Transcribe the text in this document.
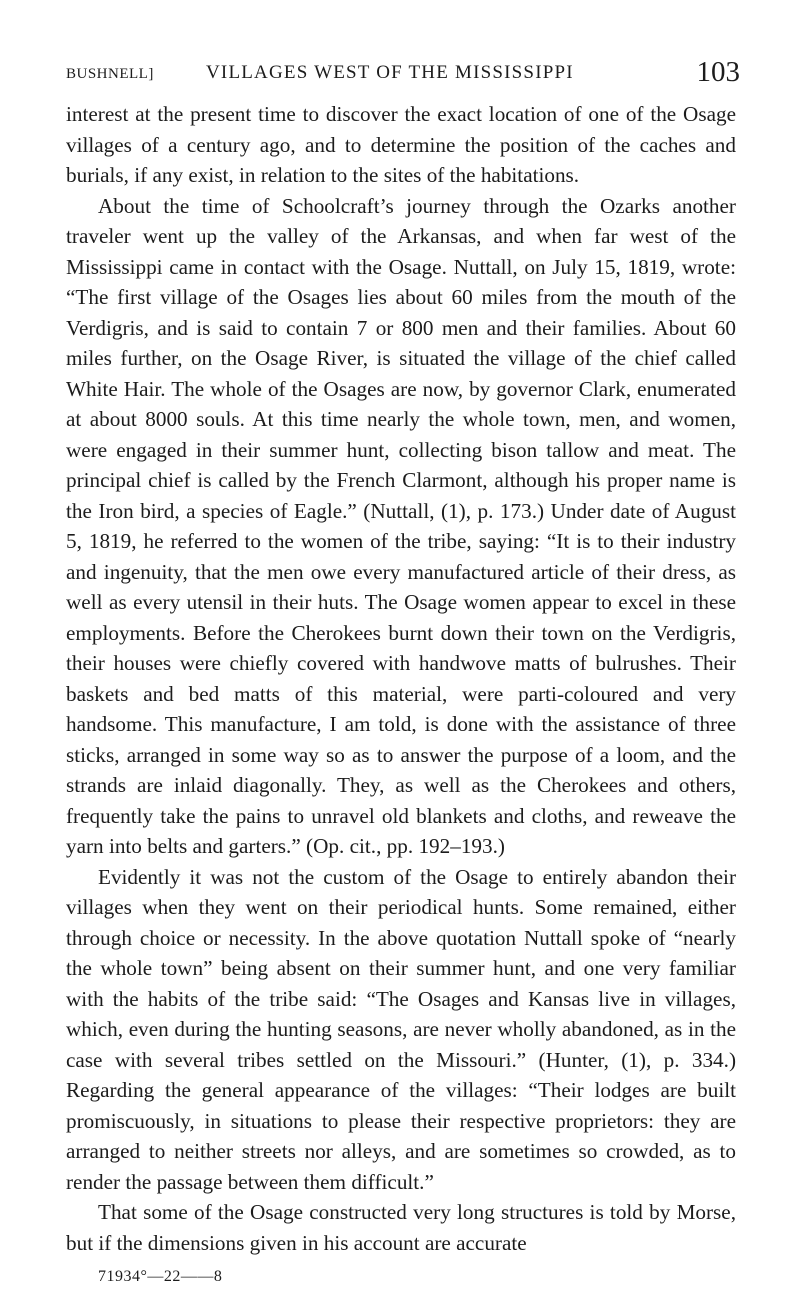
BUSHNELL]	VILLAGES WEST OF THE MISSISSIPPI	103

interest at the present time to discover the exact location of one of the Osage villages of a century ago, and to determine the position of the caches and burials, if any exist, in relation to the sites of the habitations.

About the time of Schoolcraft’s journey through the Ozarks another traveler went up the valley of the Arkansas, and when far west of the Mississippi came in contact with the Osage. Nuttall, on July 15, 1819, wrote: “The first village of the Osages lies about 60 miles from the mouth of the Verdigris, and is said to contain 7 or 800 men and their families. About 60 miles further, on the Osage River, is situated the village of the chief called White Hair. The whole of the Osages are now, by governor Clark, enumerated at about 8000 souls. At this time nearly the whole town, men, and women, were engaged in their summer hunt, collecting bison tallow and meat. The principal chief is called by the French Clarmont, although his proper name is the Iron bird, a species of Eagle.” (Nuttall, (1), p. 173.) Under date of August 5, 1819, he referred to the women of the tribe, saying: “It is to their industry and ingenuity, that the men owe every manufactured article of their dress, as well as every utensil in their huts. The Osage women appear to excel in these employments. Before the Cherokees burnt down their town on the Verdigris, their houses were chiefly covered with handwove matts of bulrushes. Their baskets and bed matts of this material, were parti-coloured and very handsome. This manufacture, I am told, is done with the assistance of three sticks, arranged in some way so as to answer the purpose of a loom, and the strands are inlaid diagonally. They, as well as the Cherokees and others, frequently take the pains to unravel old blankets and cloths, and reweave the yarn into belts and garters.” (Op. cit., pp. 192–193.)

Evidently it was not the custom of the Osage to entirely abandon their villages when they went on their periodical hunts. Some remained, either through choice or necessity. In the above quotation Nuttall spoke of “nearly the whole town” being absent on their summer hunt, and one very familiar with the habits of the tribe said: “The Osages and Kansas live in villages, which, even during the hunting seasons, are never wholly abandoned, as in the case with several tribes settled on the Missouri.” (Hunter, (1), p. 334.) Regarding the general appearance of the villages: “Their lodges are built promiscuously, in situations to please their respective proprietors: they are arranged to neither streets nor alleys, and are sometimes so crowded, as to render the passage between them difficult.”

That some of the Osage constructed very long structures is told by Morse, but if the dimensions given in his account are accurate

71934°—22——8
